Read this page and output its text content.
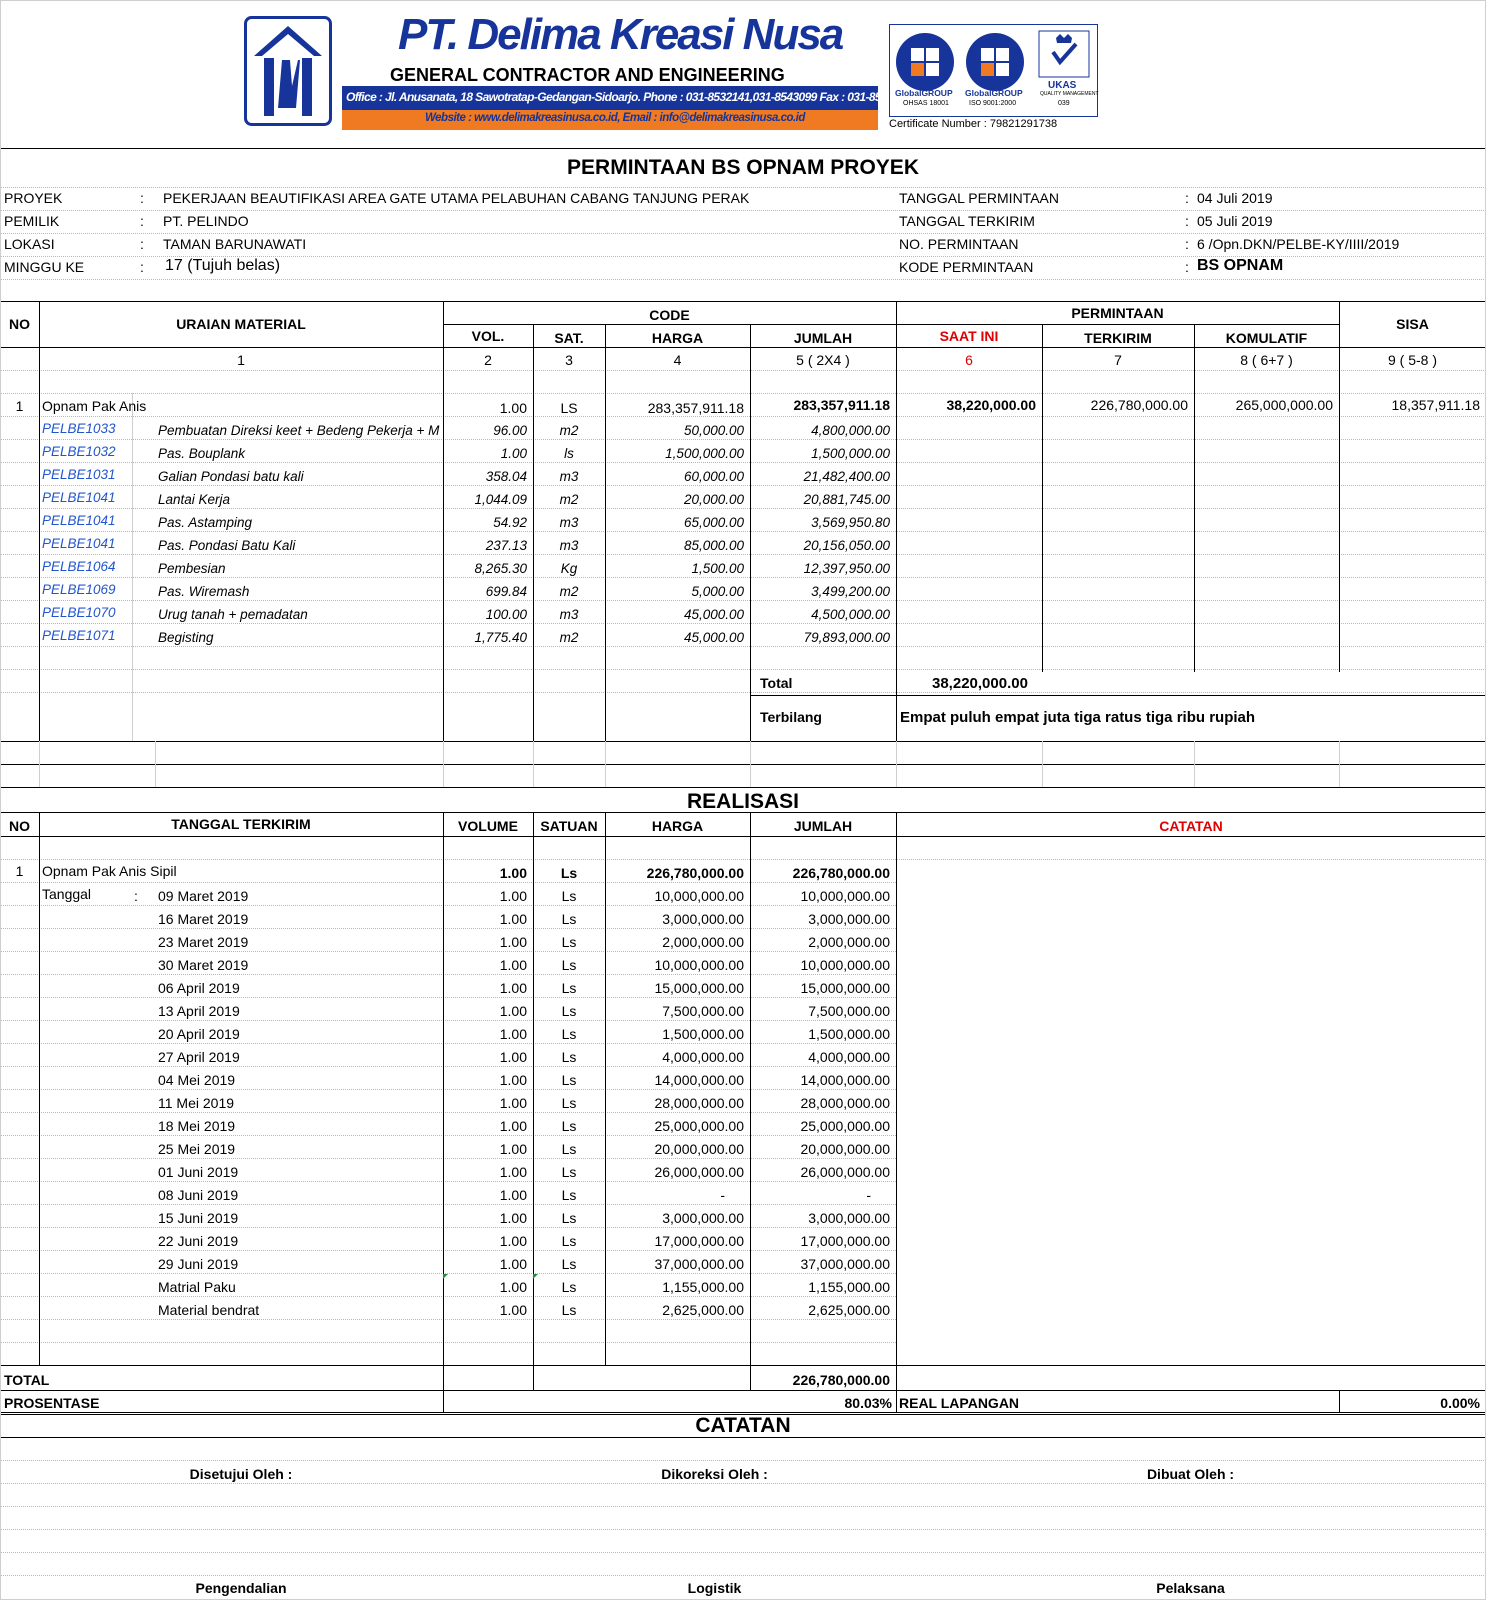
PT. Delima Kreasi Nusa
GENERAL CONTRACTOR AND ENGINEERING
Office : Jl. Anusanata, 18 Sawotratap-Gedangan-Sidoarjo. Phone : 031-8532141,031-8543099 Fax : 031-8541399
Website : www.delimakreasinusa.co.id, Email : info@delimakreasinusa.co.id
GlobalGROUP
OHSAS 18001
GlobalGROUP
ISO 9001:2000
UKAS
QUALITY MANAGEMENT
039
Certificate Number : 79821291738
PERMINTAAN BS OPNAM PROYEK
PROYEK	: PEKERJAAN BEAUTIFIKASI AREA GATE UTAMA PELABUHAN CABANG TANJUNG PERAK
PEMILIK	: PT. PELINDO
LOKASI	: TAMAN BARUNAWATI
MINGGU KE	: 17 (Tujuh belas)
TANGGAL PERMINTAAN	: 04 Juli 2019
TANGGAL TERKIRIM	: 05 Juli 2019
NO. PERMINTAAN	: 6 /Opn.DKN/PELBE-KY/IIII/2019
KODE PERMINTAAN	: BS OPNAM
NO	URAIAN MATERIAL
CODE
VOL.	SAT.	HARGA	JUMLAH
PERMINTAAN
SAAT INI	TERKIRIM	KOMULATIF
SISA
1	2	3	4	5 ( 2X4 )	6	7	8 ( 6+7 )	9 ( 5-8 )
1	Opnam Pak Anis	1.00	LS	283,357,911.18	283,357,911.18	38,220,000.00	226,780,000.00	265,000,000.00	18,357,911.18
PELBE1033	Pembuatan Direksi keet + Bedeng Pekerja + M	96.00	m2	50,000.00	4,800,000.00
PELBE1032	Pas. Bouplank	1.00	ls	1,500,000.00	1,500,000.00
PELBE1031	Galian Pondasi batu kali	358.04	m3	60,000.00	21,482,400.00
PELBE1041	Lantai Kerja	1,044.09	m2	20,000.00	20,881,745.00
PELBE1041	Pas. Astamping	54.92	m3	65,000.00	3,569,950.80
PELBE1041	Pas. Pondasi Batu Kali	237.13	m3	85,000.00	20,156,050.00
PELBE1064	Pembesian	8,265.30	Kg	1,500.00	12,397,950.00
PELBE1069	Pas. Wiremash	699.84	m2	5,000.00	3,499,200.00
PELBE1070	Urug tanah + pemadatan	100.00	m3	45,000.00	4,500,000.00
PELBE1071	Begisting	1,775.40	m2	45,000.00	79,893,000.00
Total	38,220,000.00
Terbilang	Empat puluh empat juta tiga ratus tiga ribu rupiah
REALISASI
NO	TANGGAL TERKIRIM	VOLUME	SATUAN	HARGA	JUMLAH	CATATAN
1	Opnam Pak Anis Sipil	1.00	Ls	226,780,000.00	226,780,000.00
Tanggal	: 09 Maret 2019	1.00	Ls	10,000,000.00	10,000,000.00
16 Maret 2019	1.00	Ls	3,000,000.00	3,000,000.00
23 Maret 2019	1.00	Ls	2,000,000.00	2,000,000.00
30 Maret 2019	1.00	Ls	10,000,000.00	10,000,000.00
06 April 2019	1.00	Ls	15,000,000.00	15,000,000.00
13 April 2019	1.00	Ls	7,500,000.00	7,500,000.00
20 April 2019	1.00	Ls	1,500,000.00	1,500,000.00
27 April 2019	1.00	Ls	4,000,000.00	4,000,000.00
04 Mei 2019	1.00	Ls	14,000,000.00	14,000,000.00
11 Mei 2019	1.00	Ls	28,000,000.00	28,000,000.00
18 Mei 2019	1.00	Ls	25,000,000.00	25,000,000.00
25 Mei 2019	1.00	Ls	20,000,000.00	20,000,000.00
01 Juni 2019	1.00	Ls	26,000,000.00	26,000,000.00
08 Juni 2019	1.00	Ls	-	-
15 Juni 2019	1.00	Ls	3,000,000.00	3,000,000.00
22 Juni 2019	1.00	Ls	17,000,000.00	17,000,000.00
29 Juni 2019	1.00	Ls	37,000,000.00	37,000,000.00
Matrial Paku	1.00	Ls	1,155,000.00	1,155,000.00
Material bendrat	1.00	Ls	2,625,000.00	2,625,000.00
TOTAL	226,780,000.00
PROSENTASE	80.03% REAL LAPANGAN	0.00%
CATATAN
Disetujui Oleh :	Dikoreksi Oleh :	Dibuat Oleh :
Pengendalian	Logistik	Pelaksana
